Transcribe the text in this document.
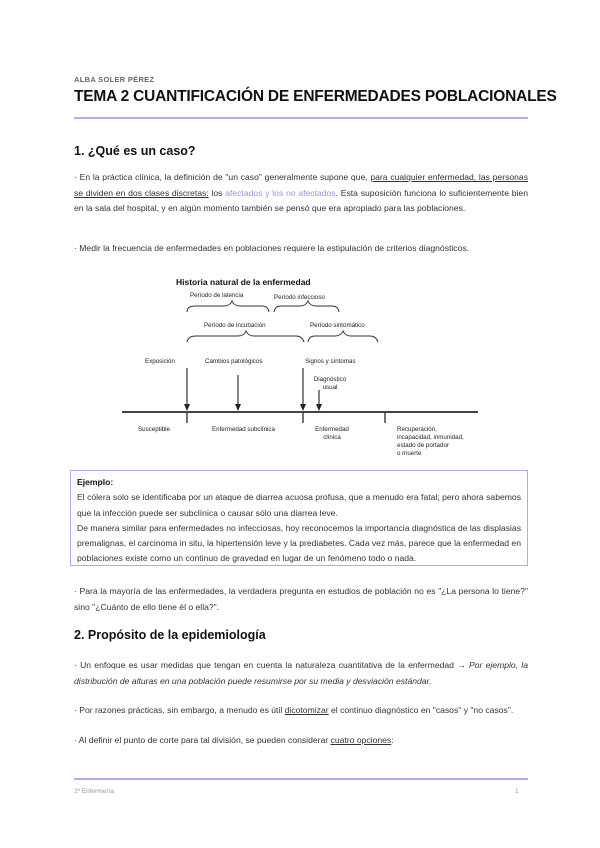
ALBA SOLER PÉREZ
TEMA 2 CUANTIFICACIÓN DE ENFERMEDADES POBLACIONALES
1. ¿Qué es un caso?
· En la práctica clínica, la definición de "un caso" generalmente supone que, para cualquier enfermedad, las personas se dividen en dos clases discretas: los afectados y los no afectados. Esta suposición funciona lo suficientemente bien en la sala del hospital, y en algún momento también se pensó que era apropiado para las poblaciones.
· Medir la frecuencia de enfermedades en poblaciones requiere la estipulación de criterios diagnósticos.
Historia natural de la enfermedad
Período de latencia	Período infeccioso
Período de incubación	Período sintomático
Exposición	Cambios patológicos	Signos y síntomas
Diagnóstico
usual
Susceptible	Enfermedad subclínica	Enfermedad
clínica
Recuperación,
incapacidad, inmunidad,
estado de portador
o muerte
Ejemplo:
El cólera solo se identificaba por un ataque de diarrea acuosa profusa, que a menudo era fatal; pero ahora sabemos que la infección puede ser subclínica o causar sólo una diarrea leve.
De manera similar para enfermedades no infecciosas, hoy reconocemos la importancia diagnóstica de las displasias premalignas, el carcinoma in situ, la hipertensión leve y la prediabetes. Cada vez más, parece que la enfermedad en poblaciones existe como un continuo de gravedad en lugar de un fenómeno todo o nada.
· Para la mayoría de las enfermedades, la verdadera pregunta en estudios de población no es "¿La persona lo tiene?" sino "¿Cuánto de ello tiene él o ella?".
2. Propósito de la epidemiología
· Un enfoque es usar medidas que tengan en cuenta la naturaleza cuantitativa de la enfermedad → Por ejemplo, la distribución de alturas en una población puede resumirse por su media y desviación estándar.
· Por razones prácticas, sin embargo, a menudo es útil dicotomizar el continuo diagnóstico en "casos" y "no casos".
· Al definir el punto de corte para tal división, se pueden considerar cuatro opciones:
2º Enfermería	1
